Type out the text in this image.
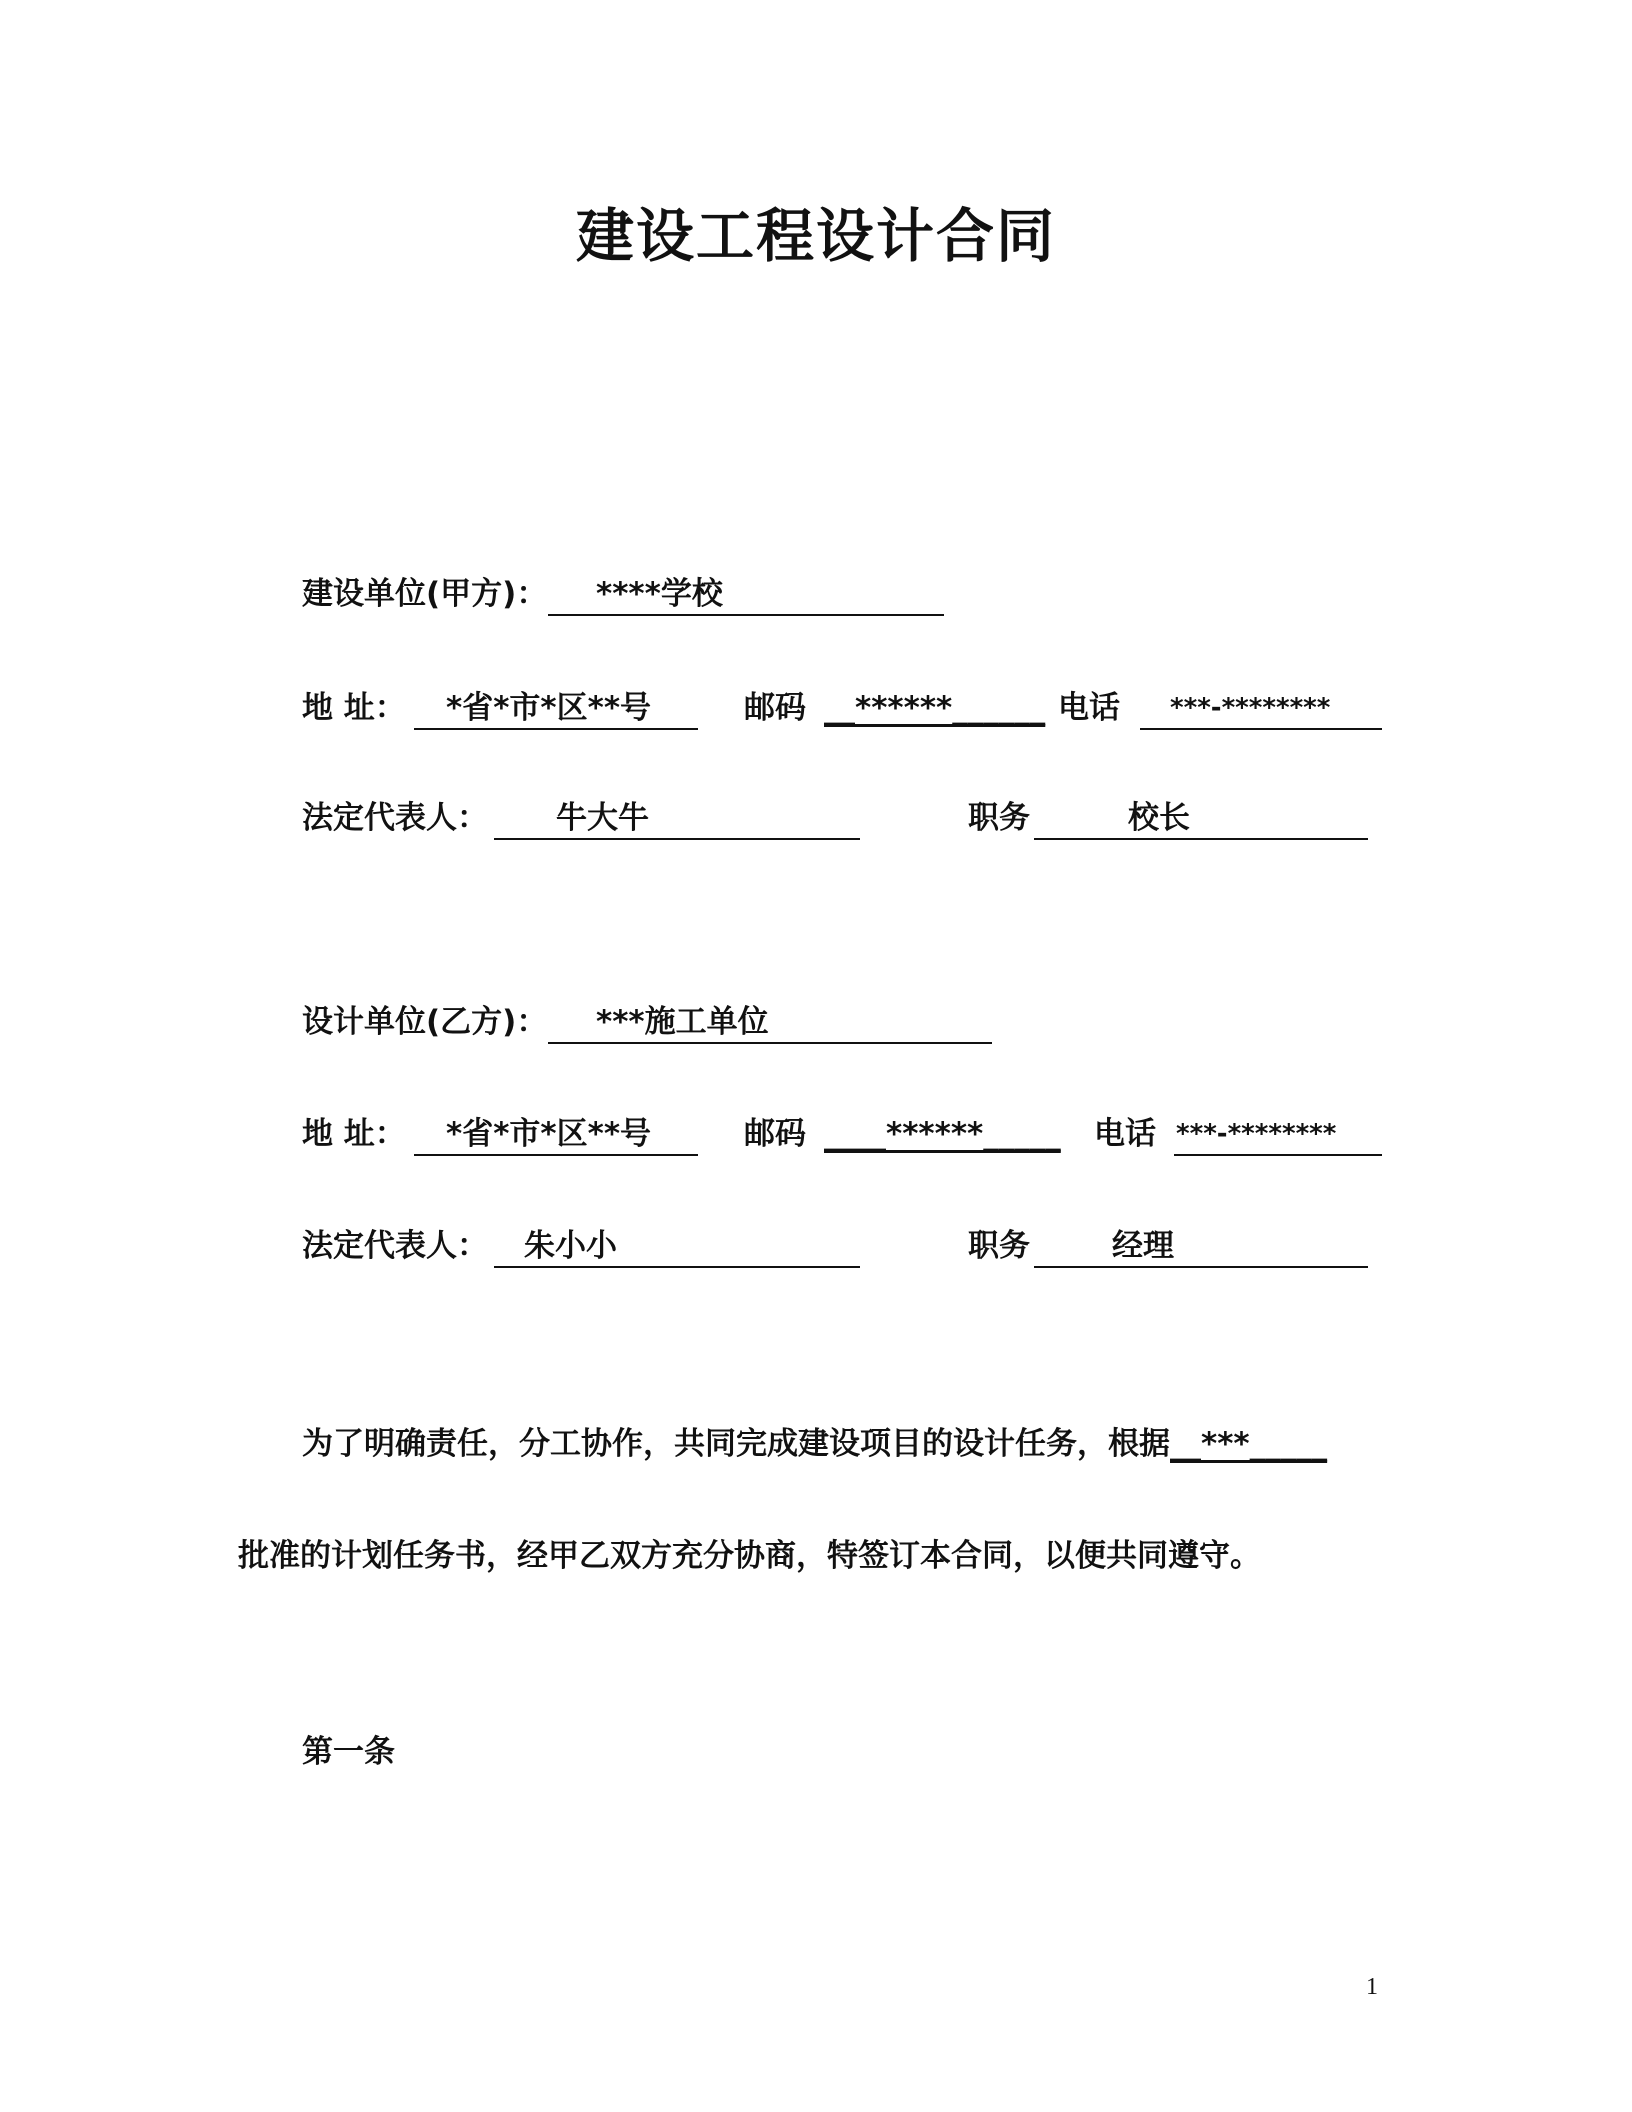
建设工程设计合同
建设单位(甲方)：	****学校
地 址：	*省*市*区**号	邮码 __******______ 电话	***-********
法定代表人：	牛大牛	职务	校长
设计单位(乙方)：	***施工单位
地 址：	*省*市*区**号	邮码 ____******_____ 电话 ***-********
法定代表人：	朱小小	职务	经理
为了明确责任，分工协作，共同完成建设项目的设计任务，根据__***_____
批准的计划任务书，经甲乙双方充分协商，特签订本合同，以便共同遵守。
第一条
1
